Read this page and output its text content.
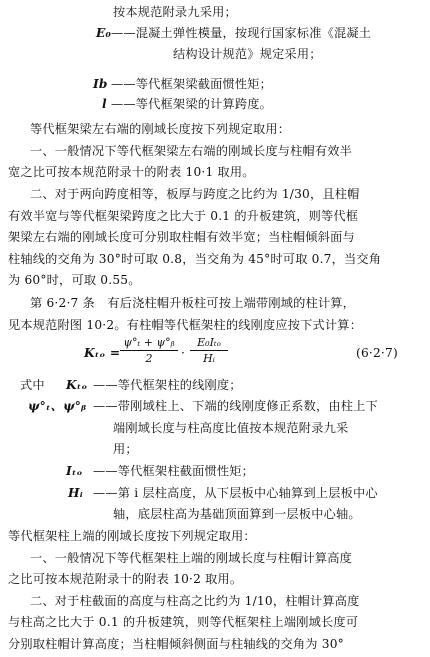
按本规范附录九采用；
E₀ ——混凝土弹性模量，按现行国家标准《混凝土
结构设计规范》规定采用；
Ib ——等代框架梁截面惯性矩；
l ——等代框架梁的计算跨度。
等代框架梁左右端的刚域长度按下列规定取用：
一、一般情况下等代框架梁左右端的刚域长度与柱帽有效半
宽之比可按本规范附录十的附表 10·1 取用。
二、对于两向跨度相等，板厚与跨度之比约为 1/30，且柱帽
有效半宽与等代框架梁跨度之比大于 0.1 的升板建筑，则等代框
架梁左右端的刚域长度可分别取柱帽有效半宽；当柱帽倾斜面与
柱轴线的交角为 30°时可取 0.8，当交角为 45°时可取 0.7，当交角
为 60°时，可取 0.55。
第 6·2·7 条　有后浇柱帽升板柱可按上端带刚域的柱计算，
见本规范附图 10·2。有柱帽等代框架柱的线刚度应按下式计算：
Kₜₒ =
ψ°ₜ + ψ°ᵦ
2 ·
E₀Iₜₒ
Hᵢ	(6·2·7)
式中 Kₜₒ ——等代框架柱的线刚度；
ψ°ₜ、ψ°ᵦ ——带刚域柱上、下端的线刚度修正系数，由柱上下
端刚域长度与柱高度比值按本规范附录九采
用；
Iₜₒ ——等代框架柱截面惯性矩；
Hᵢ ——第 i 层柱高度，从下层板中心轴算到上层板中心
轴，底层柱高为基础顶面算到一层板中心轴。
等代框架柱上端的刚域长度按下列规定取用：
一、一般情况下等代框架柱上端的刚域长度与柱帽计算高度
之比可按本规范附录十的附表 10·2 取用。
二、对于柱截面的高度与柱高之比约为 1/10，柱帽计算高度
与柱高之比大于 0.1 的升板建筑，则等代框架柱上端刚域长度可
分别取柱帽计算高度；当柱帽倾斜侧面与柱轴线的交角为 30°
